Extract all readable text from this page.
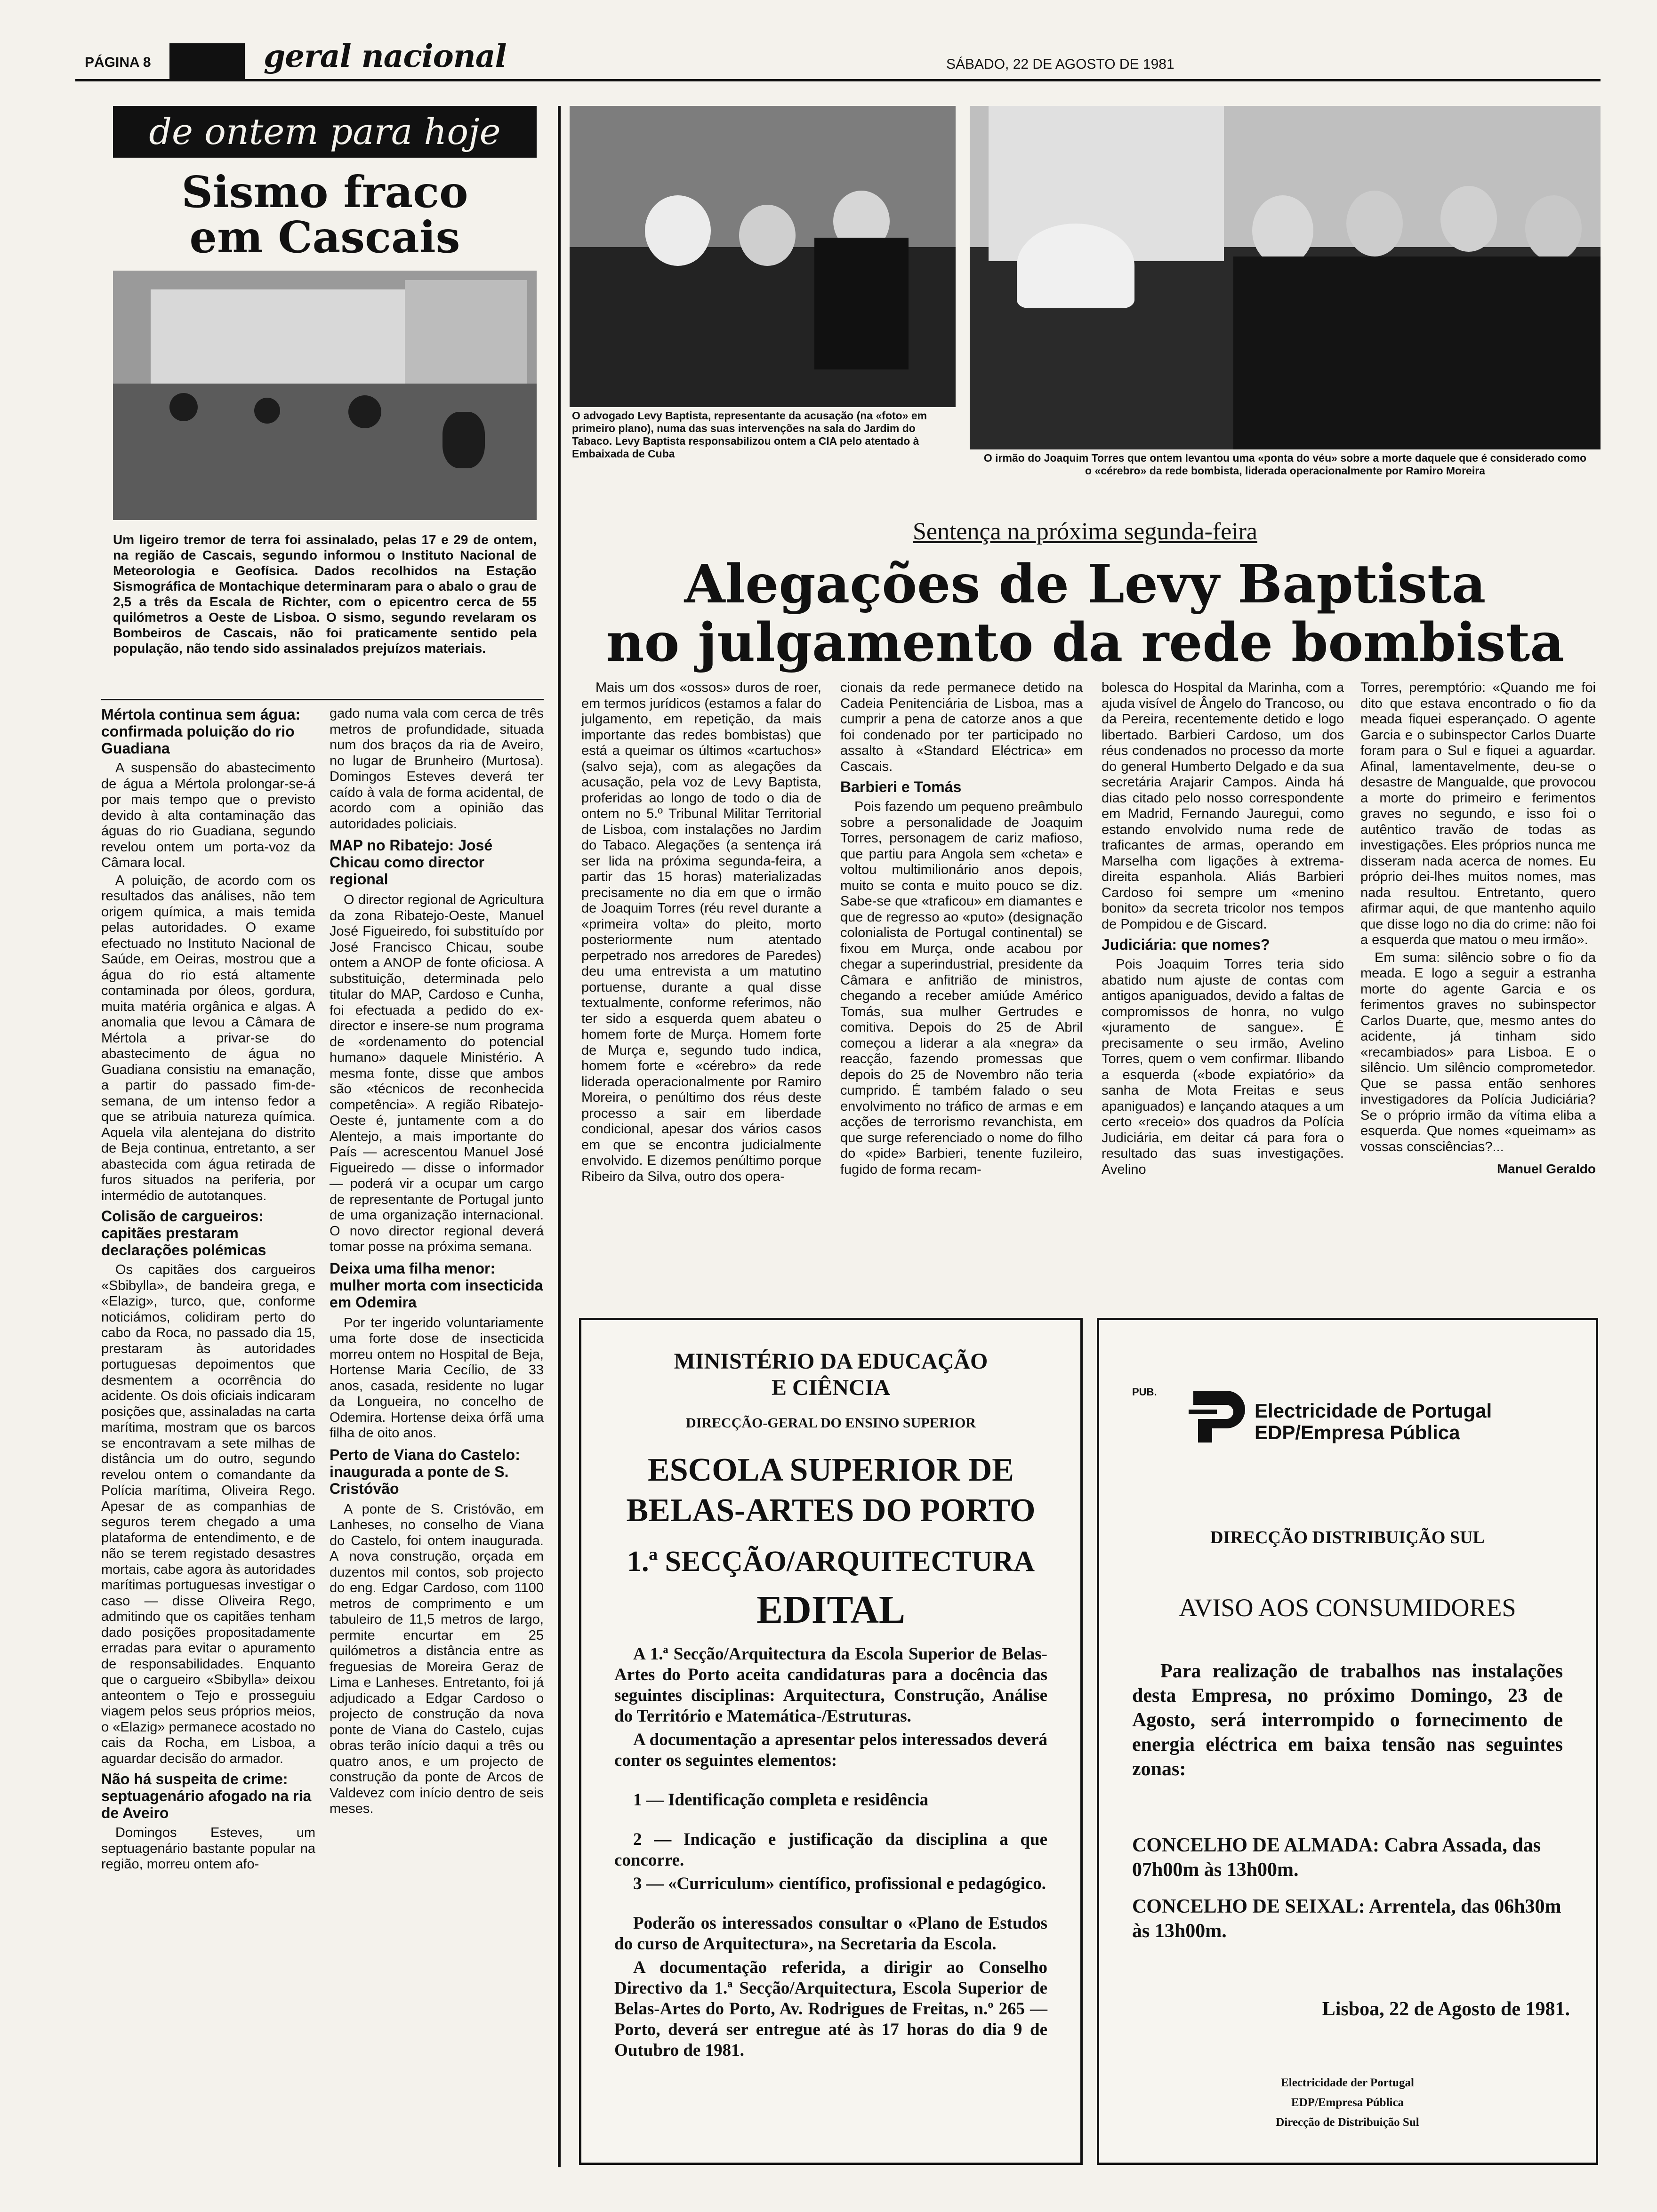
PÁGINA 8	geral nacional	SÁBADO, 22 DE AGOSTO DE 1981
de ontem para hoje
Sismo fraco
em Cascais
Um ligeiro tremor de terra foi assinalado, pelas 17 e 29 de ontem, na região de Cascais, segundo informou o Instituto Nacional de Meteorologia e Geofísica. Dados recolhidos na Estação Sismográfica de Montachique determinaram para o abalo o grau de 2,5 a três da Escala de Richter, com o epicentro cerca de 55 quilómetros a Oeste de Lisboa. O sismo, segundo revelaram os Bombeiros de Cascais, não foi praticamente sentido pela população, não tendo sido assinalados prejuízos materiais.
Mértola continua sem água: confirmada poluição do rio Guadiana

A suspensão do abastecimento de água a Mértola prolongar-se-á por mais tempo que o previsto devido à alta contaminação das águas do rio Guadiana, segundo revelou ontem um porta-voz da Câmara local.

A poluição, de acordo com os resultados das análises, não tem origem química, a mais temida pelas autoridades. O exame efectuado no Instituto Nacional de Saúde, em Oeiras, mostrou que a água do rio está altamente contaminada por óleos, gordura, muita matéria orgânica e algas. A anomalia que levou a Câmara de Mértola a privar-se do abastecimento de água no Guadiana consistiu na emanação, a partir do passado fim-de-semana, de um intenso fedor a que se atribuia natureza química. Aquela vila alentejana do distrito de Beja continua, entretanto, a ser abastecida com água retirada de furos situados na periferia, por intermédio de autotanques.

Colisão de cargueiros: capitães prestaram declarações polémicas

Os capitães dos cargueiros «Sbibylla», de bandeira grega, e «Elazig», turco, que, conforme noticiámos, colidiram perto do cabo da Roca, no passado dia 15, prestaram às autoridades portuguesas depoimentos que desmentem a ocorrência do acidente. Os dois oficiais indicaram posições que, assinaladas na carta marítima, mostram que os barcos se encontravam a sete milhas de distância um do outro, segundo revelou ontem o comandante da Polícia marítima, Oliveira Rego. Apesar de as companhias de seguros terem chegado a uma plataforma de entendimento, e de não se terem registado desastres mortais, cabe agora às autoridades marítimas portuguesas investigar o caso — disse Oliveira Rego, admitindo que os capitães tenham dado posições propositadamente erradas para evitar o apuramento de responsabilidades. Enquanto que o cargueiro «Sbibylla» deixou anteontem o Tejo e prosseguiu viagem pelos seus próprios meios, o «Elazig» permanece acostado no cais da Rocha, em Lisboa, a aguardar decisão do armador.

Não há suspeita de crime: septuagenário afogado na ria de Aveiro

Domingos Esteves, um septuagenário bastante popular na região, morreu ontem afo-

gado numa vala com cerca de três metros de profundidade, situada num dos braços da ria de Aveiro, no lugar de Brunheiro (Murtosa). Domingos Esteves deverá ter caído à vala de forma acidental, de acordo com a opinião das autoridades policiais.

MAP no Ribatejo: José Chicau como director regional

O director regional de Agricultura da zona Ribatejo-Oeste, Manuel José Figueiredo, foi substituído por José Francisco Chicau, soube ontem a ANOP de fonte oficiosa. A substituição, determinada pelo titular do MAP, Cardoso e Cunha, foi efectuada a pedido do ex-director e insere-se num programa de «ordenamento do potencial humano» daquele Ministério. A mesma fonte, disse que ambos são «técnicos de reconhecida competência». A região Ribatejo-Oeste é, juntamente com a do Alentejo, a mais importante do País — acrescentou Manuel José Figueiredo — disse o informador — poderá vir a ocupar um cargo de representante de Portugal junto de uma organização internacional. O novo director regional deverá tomar posse na próxima semana.

Deixa uma filha menor: mulher morta com insecticida em Odemira

Por ter ingerido voluntariamente uma forte dose de insecticida morreu ontem no Hospital de Beja, Hortense Maria Cecílio, de 33 anos, casada, residente no lugar da Longueira, no concelho de Odemira. Hortense deixa órfã uma filha de oito anos.

Perto de Viana do Castelo: inaugurada a ponte de S. Cristóvão

A ponte de S. Cristóvão, em Lanheses, no conselho de Viana do Castelo, foi ontem inaugurada. A nova construção, orçada em duzentos mil contos, sob projecto do eng. Edgar Cardoso, com 1100 metros de comprimento e um tabuleiro de 11,5 metros de largo, permite encurtar em 25 quilómetros a distância entre as freguesias de Moreira Geraz de Lima e Lanheses. Entretanto, foi já adjudicado a Edgar Cardoso o projecto de construção da nova ponte de Viana do Castelo, cujas obras terão início daqui a três ou quatro anos, e um projecto de construção da ponte de Arcos de Valdevez com início dentro de seis meses.

O advogado Levy Baptista, representante da acusação (na «foto» em primeiro plano), numa das suas intervenções na sala do Jardim do Tabaco. Levy Baptista responsabilizou ontem a CIA pelo atentado à Embaixada de Cuba	O irmão do Joaquim Torres que ontem levantou uma «ponta do véu» sobre a morte daquele que é considerado como o «cérebro» da rede bombista, liderada operacionalmente por Ramiro Moreira
Sentença na próxima segunda-feira
Alegações de Levy Baptista
no julgamento da rede bombista

Mais um dos «ossos» duros de roer, em termos jurídicos (estamos a falar do julgamento, em repetição, da mais importante das redes bombistas) que está a queimar os últimos «cartuchos» (salvo seja), com as alegações da acusação, pela voz de Levy Baptista, proferidas ao longo de todo o dia de ontem no 5.º Tribunal Militar Territorial de Lisboa, com instalações no Jardim do Tabaco. Alegações (a sentença irá ser lida na próxima segunda-feira, a partir das 15 horas) materializadas precisamente no dia em que o irmão de Joaquim Torres (réu revel durante a «primeira volta» do pleito, morto posteriormente num atentado perpetrado nos arredores de Paredes) deu uma entrevista a um matutino portuense, durante a qual disse textualmente, conforme referimos, não ter sido a esquerda quem abateu o homem forte de Murça. Homem forte de Murça e, segundo tudo indica, homem forte e «cérebro» da rede liderada operacionalmente por Ramiro Moreira, o penúltimo dos réus deste processo a sair em liberdade condicional, apesar dos vários casos em que se encontra judicialmente envolvido. E dizemos penúltimo porque Ribeiro da Silva, outro dos opera-

cionais da rede permanece detido na Cadeia Penitenciária de Lisboa, mas a cumprir a pena de catorze anos a que foi condenado por ter participado no assalto à «Standard Eléctrica» em Cascais.

Barbieri e Tomás

Pois fazendo um pequeno preâmbulo sobre a personalidade de Joaquim Torres, personagem de cariz mafioso, que partiu para Angola sem «cheta» e voltou multimilionário anos depois, muito se conta e muito pouco se diz. Sabe-se que «traficou» em diamantes e que de regresso ao «puto» (designação colonialista de Portugal continental) se fixou em Murça, onde acabou por chegar a superindustrial, presidente da Câmara e anfitrião de ministros, chegando a receber amiúde Américo Tomás, sua mulher Gertrudes e comitiva. Depois do 25 de Abril começou a liderar a ala «negra» da reacção, fazendo promessas que depois do 25 de Novembro não teria cumprido. É também falado o seu envolvimento no tráfico de armas e em acções de terrorismo revanchista, em que surge referenciado o nome do filho do «pide» Barbieri, tenente fuzileiro, fugido de forma recam-

bolesca do Hospital da Marinha, com a ajuda visível de Ângelo do Trancoso, ou da Pereira, recentemente detido e logo libertado. Barbieri Cardoso, um dos réus condenados no processo da morte do general Humberto Delgado e da sua secretária Arajarir Campos. Ainda há dias citado pelo nosso correspondente em Madrid, Fernando Jauregui, como estando envolvido numa rede de traficantes de armas, operando em Marselha com ligações à extrema-direita espanhola. Aliás Barbieri Cardoso foi sempre um «menino bonito» da secreta tricolor nos tempos de Pompidou e de Giscard.

Judiciária: que nomes?

Pois Joaquim Torres teria sido abatido num ajuste de contas com antigos apaniguados, devido a faltas de compromissos de honra, no vulgo «juramento de sangue». É precisamente o seu irmão, Avelino Torres, quem o vem confirmar. Ilibando a esquerda («bode expiatório» da sanha de Mota Freitas e seus apaniguados) e lançando ataques a um certo «receio» dos quadros da Polícia Judiciária, em deitar cá para fora o resultado das suas investigações. Avelino

Torres, peremptório: «Quando me foi dito que estava encontrado o fio da meada fiquei esperançado. O agente Garcia e o subinspector Carlos Duarte foram para o Sul e fiquei a aguardar. Afinal, lamentavelmente, deu-se o desastre de Mangualde, que provocou a morte do primeiro e ferimentos graves no segundo, e isso foi o autêntico travão de todas as investigações. Eles próprios nunca me disseram nada acerca de nomes. Eu próprio dei-lhes muitos nomes, mas nada resultou. Entretanto, quero afirmar aqui, de que mantenho aquilo que disse logo no dia do crime: não foi a esquerda que matou o meu irmão».

Em suma: silêncio sobre o fio da meada. E logo a seguir a estranha morte do agente Garcia e os ferimentos graves no subinspector Carlos Duarte, que, mesmo antes do acidente, já tinham sido «recambiados» para Lisboa. E o silêncio. Um silêncio comprometedor. Que se passa então senhores investigadores da Polícia Judiciária? Se o próprio irmão da vítima eliba a esquerda. Que nomes «queimam» as vossas consciências?...

Manuel Geraldo
MINISTÉRIO DA EDUCAÇÃO
E CIÊNCIA
DIRECÇÃO-GERAL DO ENSINO SUPERIOR
ESCOLA SUPERIOR DE
BELAS-ARTES DO PORTO
1.ª SECÇÃO/ARQUITECTURA
EDITAL

A 1.ª Secção/Arquitectura da Escola Superior de Belas-Artes do Porto aceita candidaturas para a docência das seguintes disciplinas: Arquitectura, Construção, Análise do Território e Matemática-/Estruturas.

A documentação a apresentar pelos interessados deverá conter os seguintes elementos:

1 — Identificação completa e residência

2 — Indicação e justificação da disciplina a que concorre.

3 — «Curriculum» científico, profissional e pedagógico.

Poderão os interessados consultar o «Plano de Estudos do curso de Arquitectura», na Secretaria da Escola.

A documentação referida, a dirigir ao Conselho Directivo da 1.ª Secção/Arquitectura, Escola Superior de Belas-Artes do Porto, Av. Rodrigues de Freitas, n.º 265 — Porto, deverá ser entregue até às 17 horas do dia 9 de Outubro de 1981.

PUB.
Electricidade de Portugal
EDP/Empresa Pública
DIRECÇÃO DISTRIBUIÇÃO SUL
AVISO AOS CONSUMIDORES
Para realização de trabalhos nas instalações desta Empresa, no próximo Domingo, 23 de Agosto, será interrompido o fornecimento de energia eléctrica em baixa tensão nas seguintes zonas:
CONCELHO DE ALMADA: Cabra Assada, das 07h00m às 13h00m.
CONCELHO DE SEIXAL: Arrentela, das 06h30m às 13h00m.
Lisboa, 22 de Agosto de 1981.
Electricidade der Portugal
EDP/Empresa Pública
Direcção de Distribuição Sul
